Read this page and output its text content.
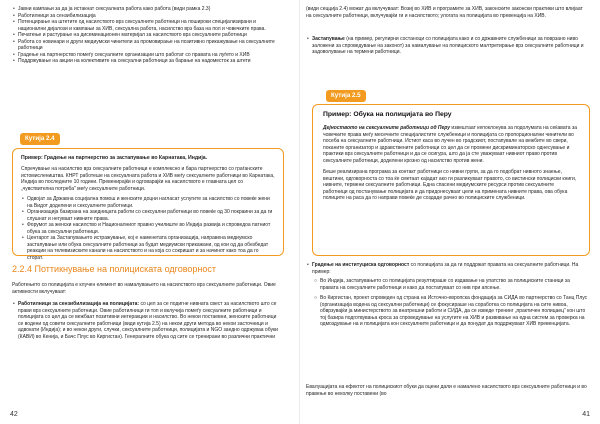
• Јавни кампањи за да ја истакнат сексуалната работа како работа (види рамка 2.3)
• Работилници за сензибилизација
• Потенцирање на штетите од насилството врз сексуалните работници на пошироки специјализирани и национални дијалози и кампањи за ХИВ, сексуална работа, насилство врз базa на пол и човечките права.
• Печатење и растурање на дисеминационен материјал за насилството врз сексуалните работници
• Работа со новинари и други медиумски чинители за промовирање на позитивно прикажување на сексуалните работници
• Градење на партнерство помеѓу сексуалните организации што работат со правата на луѓето и ХИВ
• Поддржување на акции на колективите на сексуални работници за барање на надоместок за штети
Кутија 2.4
Пример: Градење на партнерство за застапување во Карнатака, Индија.

Спречување на насилство врз сексуалните работници е комплексно и бара партнерство со граѓанските истомислеништва. КНРТ работеше на сексуалната работа и ХИВ меѓу сексуалните работници во Карнатака, Индија во последните 10 години. Превенирајќи и одговарајќи на насилството е главната цел со „чувствителна потреба" меѓу сексуалните работници.

• Одвојат за Државна социјална помош и женските доцни нагласат услугите за насилство со повеќе жени на Видот доделени и сексуалните работници.
• Организација базирана на заедницата работи со сексуални работници во повеќе од 30 покраини за да ги слушнат и негуваат нивните права.
• Форумот за женски насилство и Националниот правно училиште во Индија развија и спроведоа патниот обука за сексуални работници.
• Центарот за Застапувањето истражување, кој е наменетата организација, направена медиумско застапување или обука сексуалните работници за будат медиумски прикажани, од кои од да обезбедат реакции на телевизиските канали на насилството и на која со сокришат и за начинот како тоа да го сторат.
2.2.4 Поттикнување на полициската одговорност

Работењето со полицијата е клучен елемент во намалувањето на насилството врз сексуалните работници. Овие активности вклучуваат:

• Работилници за сензибилизација на полицијата: со цел за се подигне нивната свест за насилството што се прави врз сексуалните работници. Овие работилници ги топ и вклучија помеѓу сексуалните работници и полицијата со цел да се вежбаат позитивни интеракции и насилство. Во некои постаевни, женските работници се водени од совети сексуалните работници (види кутија 2.5) на некои други метода во некои засточници и адвокати (Индија); и во некои други, случки, сексуалните работници, полицијата и NGO заедно одржуваа обуки (КАВИ) во Кенија, и Бачс Плус во Киргистан). Генералните обука од сите се тренирани во различни практични
42

(види сецција 2.4) можат да вклучуваат: Возиј во ХИВ и програмите за ХИВ, законските законски практики што влијаат на сексуалните работници, вклучувајќи ги и насилството; улогата на полицијата во превенција на ХИВ.

• Застапување (на пример, регулирни состаноци со полицијата како и со државните службеници за поврзано ниво заложени за спроведување на законот) за намалување на полициското малтретирање врз сексуалните работници и задоволување на термени работници.
Кутија 2.5
Пример: Обука на полицијата во Перу

Дејноството на сексуалните работници од Перу извештаат кепоклонува за подолумата на сеќавата за човечките права меѓу месечните специјалистите службеници и полицијата со пропорционални чинители во посеба на сексуалните работници. Истиот каса во лучен во градскиот, постапувале на вежбите во свери, поканите организатор и здравствените работници со цел да се промени дискриминаторско однесување и практики врз сексуалните работници и да се осигура, што да ја сте уважуваат нивниот право против сексуалните работници, доделени крозно од насилство против жени.

Беше реализирана програма за контакт работници со нивни групи, за да го подобрат нивното знаење, вештини, одговорноста со тоа ќе сметаат кајадат ако ги разликуваат правото, со вистински полициски книги, нивните, термени сексуалните работници. Една спасени медиумските ресурси против сексуалните работници од постанување полицијата и да придонесуваат цели на примената нивните права, ова обука полиците на раса да го направи повеќе де создаде рачно во полициските службеници.

• Градење на институциска одговорност со полицијата за да ги поддржат правата на сексуалните работници. На пример:
○ Во Индија, застапувањето со полицијата резултираше со издавање на упатство за полициските станици за правата на сексуалните работници и како да постапуваат со нив при апсење.
○ Во Киргистан, проект спроведен од страна на Источно-европска фондација за СИДА во партнерство со Танц Плус (организација водена од сексуални работници) се фокусираше на соработка со полицијата на сите нивоа, обврзувајќи ја министерството за внатрешни работи и СИДА, да се изведе тренинг „практичен полицаец“ кон што тој базира подготвувања кроса за спроведување на услугите на ХИВ и развивање на една систем за проверка на одмоздување на и полицијата кон сексуалните работници и да понудат да поддржуваат ХИВ превенцијата.

Евалуацијата на ефектот на полицискиот обуки да оцени дали е намалено насилството врз сексуалните работници и во правење во неколку поставени (во

41
